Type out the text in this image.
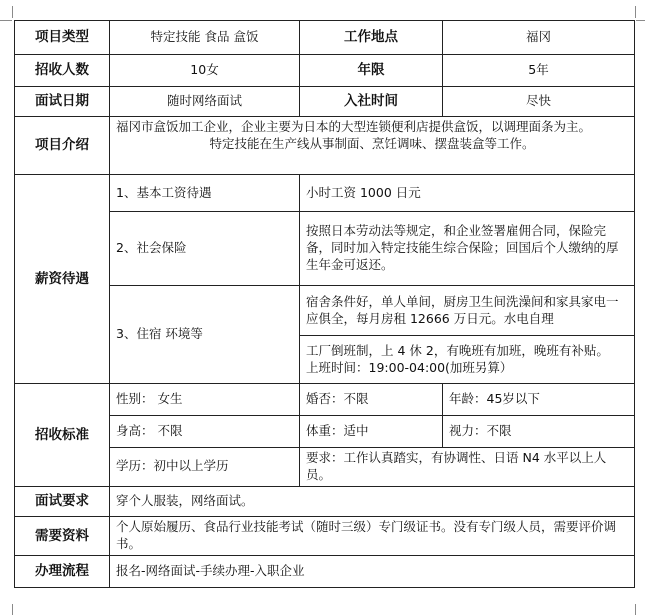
项目类型	特定技能 食品 盒饭	工作地点	福冈
招收人数	10女	年限	5年
面试日期	随时网络面试	入社时间	尽快
项目介绍	福冈市盒饭加工企业，企业主要为日本的大型连锁便利店提供盒饭，以调理面条为主。
特定技能在生产线从事制面、烹饪调味、摆盘装盒等工作。		

薪资待遇	1、基本工资待遇	小时工资 1000 日元	
	2、社会保险	按照日本劳动法等规定，和企业签署雇佣合同，保险完备，同时加入特定技能生综合保险；回国后个人缴纳的厚生年金可返还。	
	3、住宿 环境等	宿舍条件好，单人单间，厨房卫生间洗澡间和家具家电一应俱全，每月房租 12666 万日元。水电自理	

		工厂倒班制，上 4 休 2，有晚班有加班，晚班有补贴。
上班时间：19:00-04:00(加班另算）	

招收标准	性别： 女生	婚否：不限	年龄：45岁以下
	身高： 不限	体重：适中	视力：不限
	学历：初中以上学历	要求：工作认真踏实，有协调性、日语 N4 水平以上人员。	
面试要求	穿个人服装，网络面试。		
需要资料	个人原始履历、食品行业技能考试（随时三级）专门级证书。没有专门级人员，需要评价调书。		
办理流程	报名-网络面试-手续办理-入职企业		
